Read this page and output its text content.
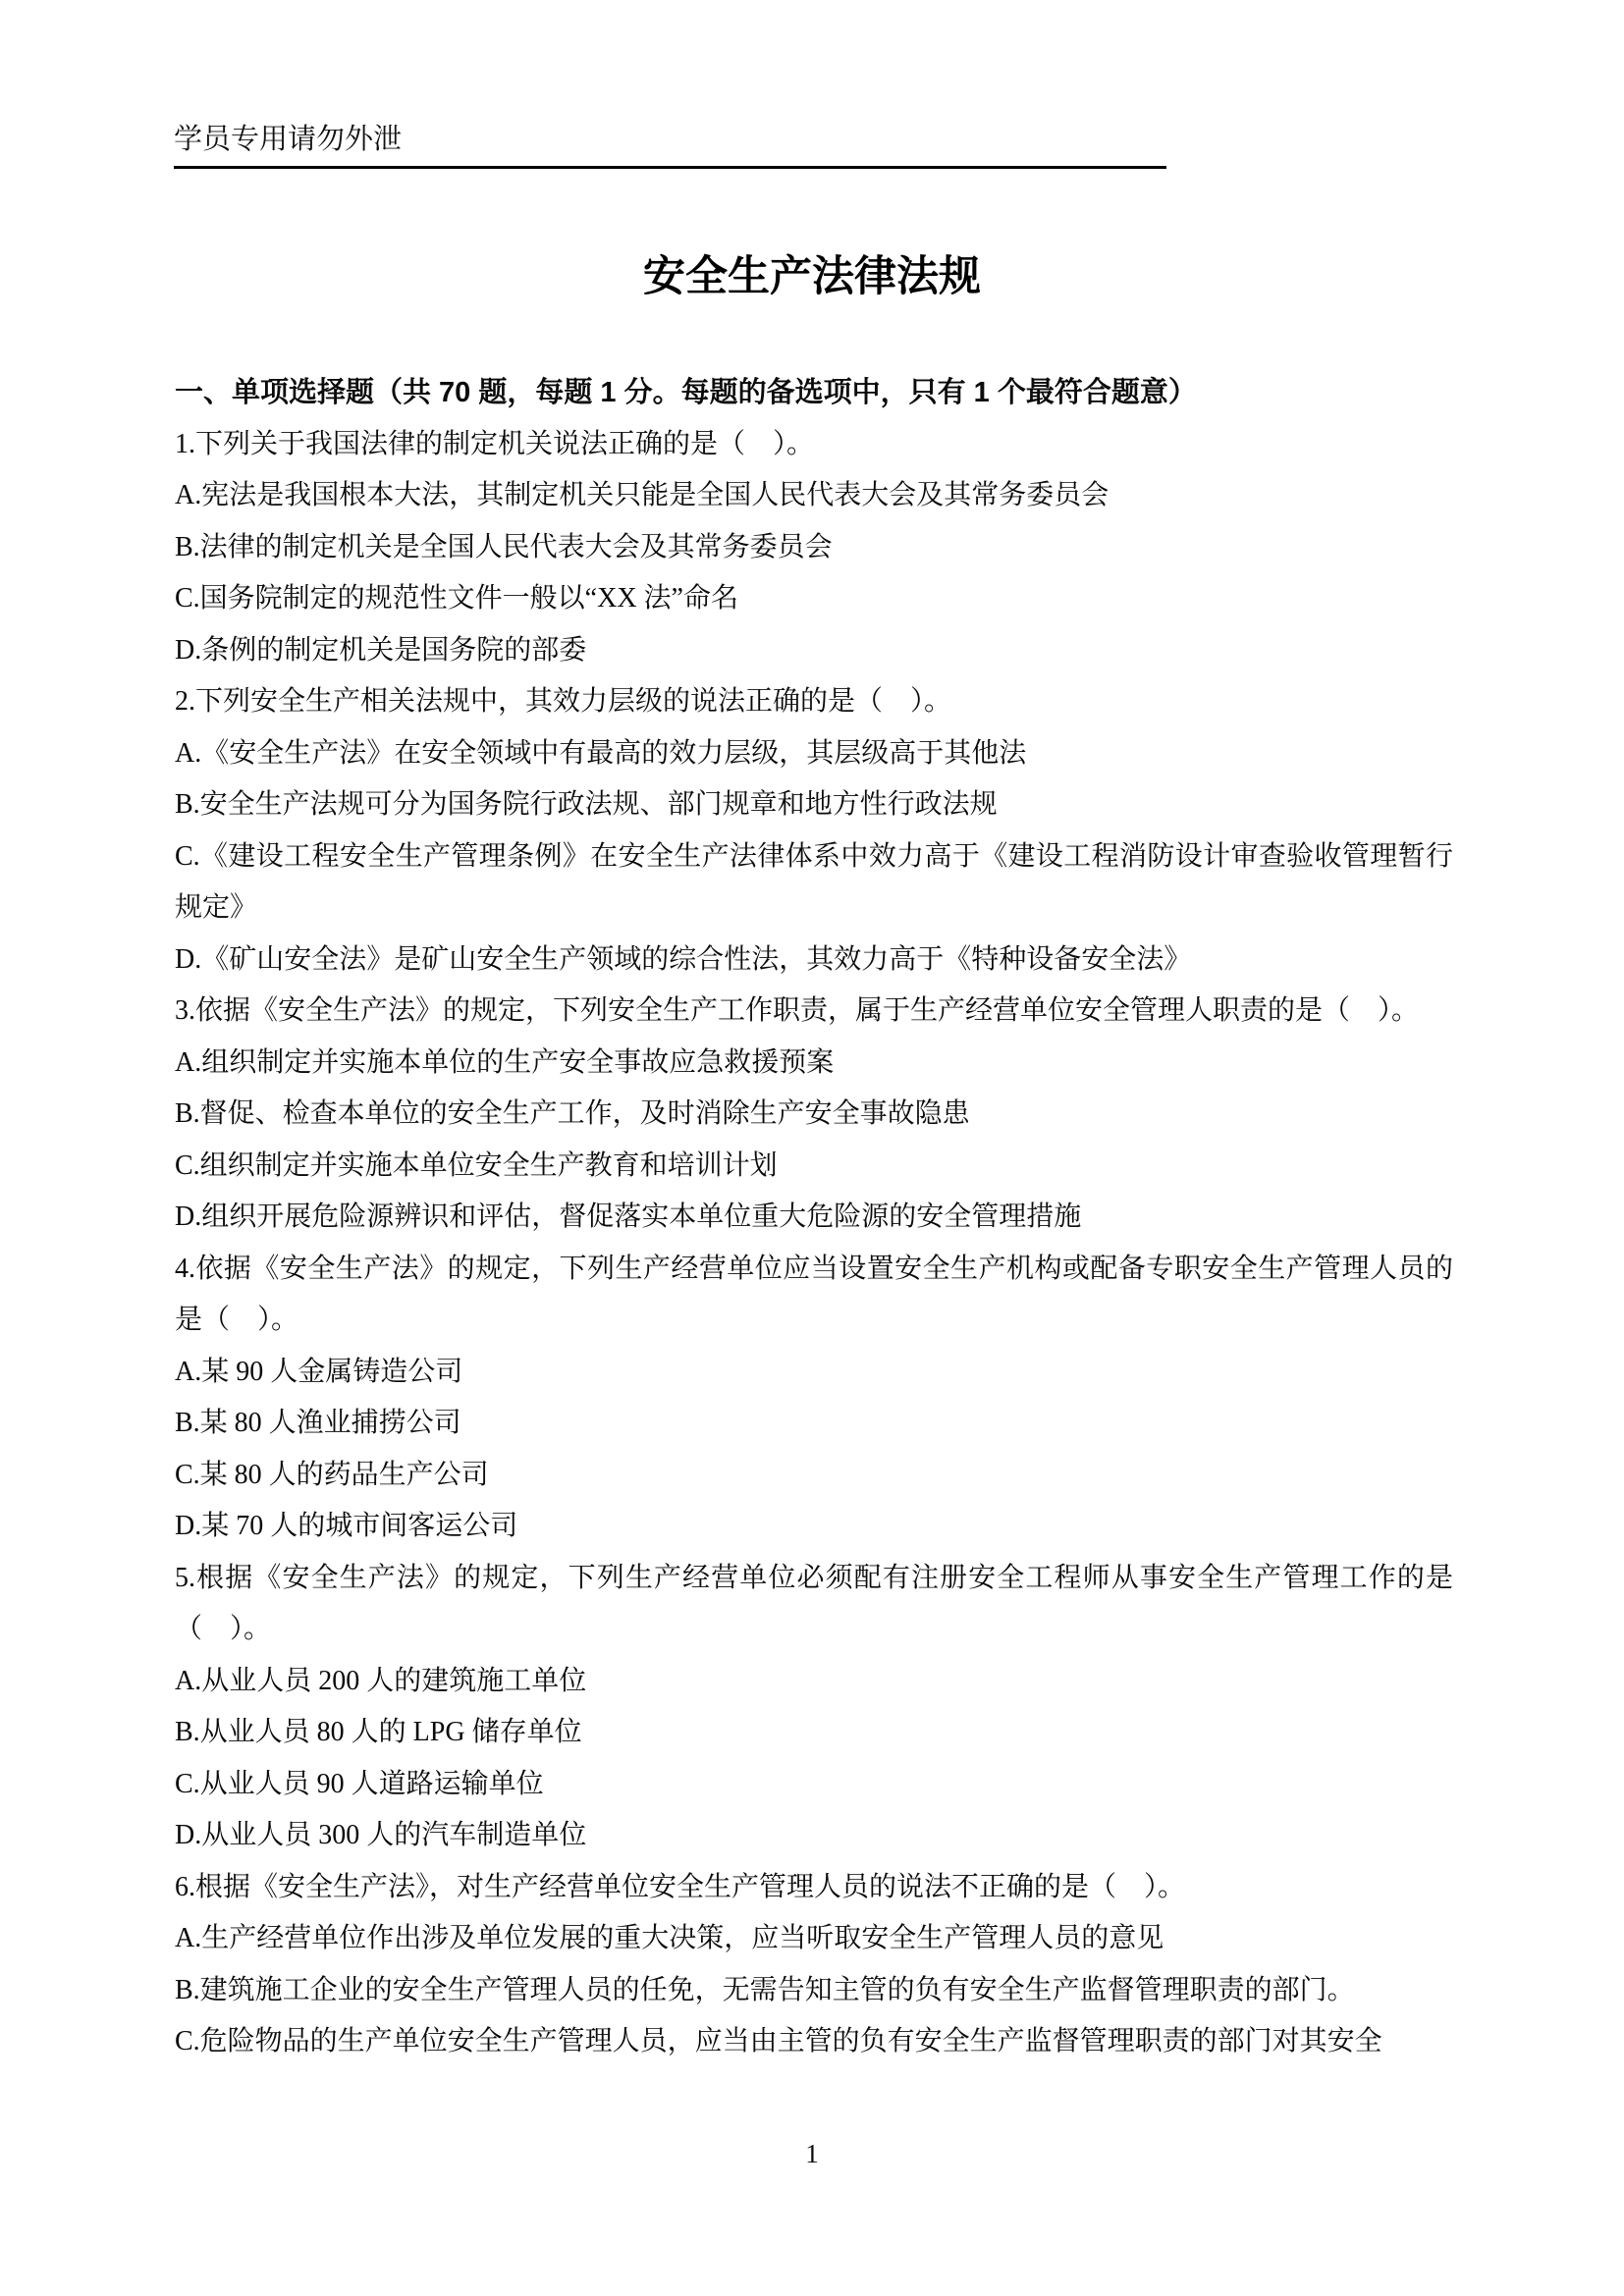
学员专用请勿外泄
安全生产法律法规

一、单项选择题（共 70 题，每题 1 分。每题的备选项中，只有 1 个最符合题意）

1.下列关于我国法律的制定机关说法正确的是（　）。

A.宪法是我国根本大法，其制定机关只能是全国人民代表大会及其常务委员会

B.法律的制定机关是全国人民代表大会及其常务委员会

C.国务院制定的规范性文件一般以“XX 法”命名

D.条例的制定机关是国务院的部委

2.下列安全生产相关法规中，其效力层级的说法正确的是（　）。

A.《安全生产法》在安全领域中有最高的效力层级，其层级高于其他法

B.安全生产法规可分为国务院行政法规、部门规章和地方性行政法规

C.《建设工程安全生产管理条例》在安全生产法律体系中效力高于《建设工程消防设计审查验收管理暂行规定》

D.《矿山安全法》是矿山安全生产领域的综合性法，其效力高于《特种设备安全法》

3.依据《安全生产法》的规定，下列安全生产工作职责，属于生产经营单位安全管理人职责的是（　）。

A.组织制定并实施本单位的生产安全事故应急救援预案

B.督促、检查本单位的安全生产工作，及时消除生产安全事故隐患

C.组织制定并实施本单位安全生产教育和培训计划

D.组织开展危险源辨识和评估，督促落实本单位重大危险源的安全管理措施

4.依据《安全生产法》的规定，下列生产经营单位应当设置安全生产机构或配备专职安全生产管理人员的是（　）。

A.某 90 人金属铸造公司

B.某 80 人渔业捕捞公司

C.某 80 人的药品生产公司

D.某 70 人的城市间客运公司

5.根据《安全生产法》的规定，下列生产经营单位必须配有注册安全工程师从事安全生产管理工作的是（　）。

A.从业人员 200 人的建筑施工单位

B.从业人员 80 人的 LPG 储存单位

C.从业人员 90 人道路运输单位

D.从业人员 300 人的汽车制造单位

6.根据《安全生产法》，对生产经营单位安全生产管理人员的说法不正确的是（　）。

A.生产经营单位作出涉及单位发展的重大决策，应当听取安全生产管理人员的意见

B.建筑施工企业的安全生产管理人员的任免，无需告知主管的负有安全生产监督管理职责的部门。

C.危险物品的生产单位安全生产管理人员，应当由主管的负有安全生产监督管理职责的部门对其安全

1
